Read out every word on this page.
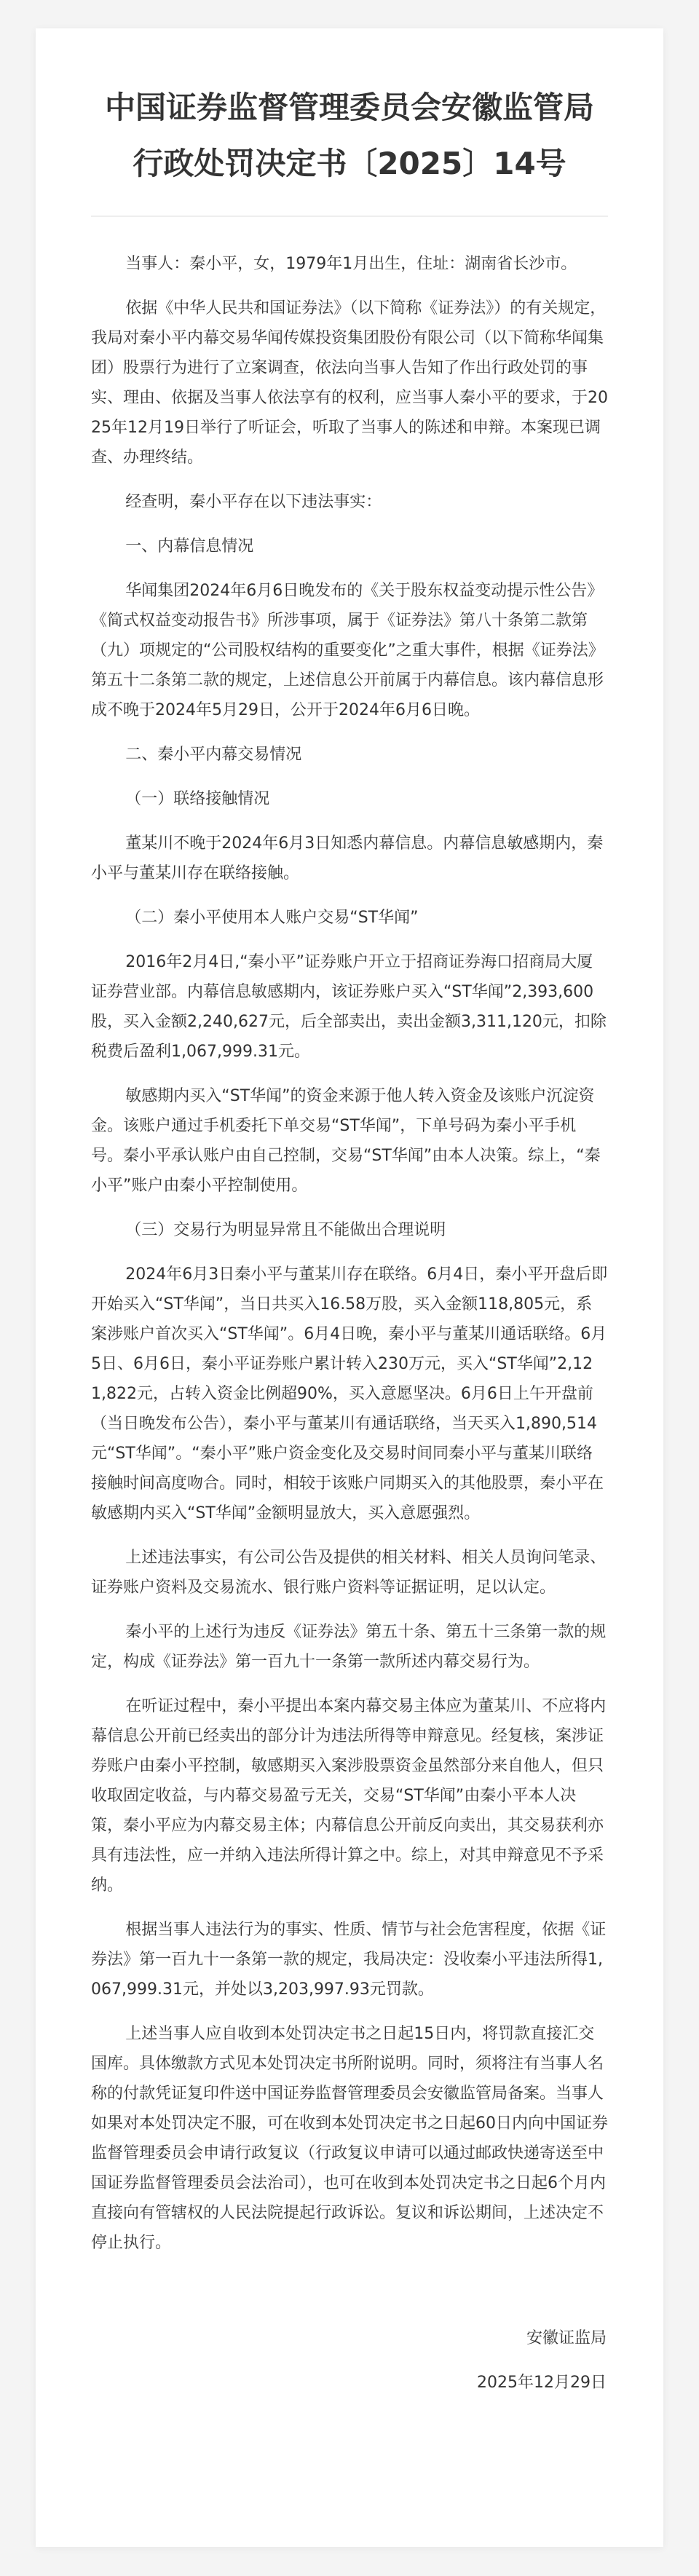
中国证券监督管理委员会安徽监管局
行政处罚决定书〔2025〕14号

当事人：秦小平，女，1979年1月出生，住址：湖南省长沙市。

依据《中华人民共和国证券法》（以下简称《证券法》）的有关规定，我局对秦小平内幕交易华闻传媒投资集团股份有限公司（以下简称华闻集团）股票行为进行了立案调查，依法向当事人告知了作出行政处罚的事实、理由、依据及当事人依法享有的权利，应当事人秦小平的要求，于2025年12月19日举行了听证会，听取了当事人的陈述和申辩。本案现已调查、办理终结。

经查明，秦小平存在以下违法事实：

一、内幕信息情况

华闻集团2024年6月6日晚发布的《关于股东权益变动提示性公告》《简式权益变动报告书》所涉事项，属于《证券法》第八十条第二款第（九）项规定的“公司股权结构的重要变化”之重大事件，根据《证券法》第五十二条第二款的规定，上述信息公开前属于内幕信息。该内幕信息形成不晚于2024年5月29日，公开于2024年6月6日晚。

二、秦小平内幕交易情况

（一）联络接触情况

董某川不晚于2024年6月3日知悉内幕信息。内幕信息敏感期内，秦小平与董某川存在联络接触。

（二）秦小平使用本人账户交易“ST华闻”

2016年2月4日,“秦小平”证券账户开立于招商证券海口招商局大厦证券营业部。内幕信息敏感期内，该证券账户买入“ST华闻”2,393,600股，买入金额2,240,627元，后全部卖出，卖出金额3,311,120元，扣除税费后盈利1,067,999.31元。

敏感期内买入“ST华闻”的资金来源于他人转入资金及该账户沉淀资金。该账户通过手机委托下单交易“ST华闻”，下单号码为秦小平手机号。秦小平承认账户由自己控制，交易“ST华闻”由本人决策。综上，“秦小平”账户由秦小平控制使用。

（三）交易行为明显异常且不能做出合理说明

2024年6月3日秦小平与董某川存在联络。6月4日，秦小平开盘后即开始买入“ST华闻”，当日共买入16.58万股，买入金额118,805元，系案涉账户首次买入“ST华闻”。6月4日晚，秦小平与董某川通话联络。6月5日、6月6日，秦小平证券账户累计转入230万元，买入“ST华闻”2,121,822元，占转入资金比例超90%，买入意愿坚决。6月6日上午开盘前（当日晚发布公告），秦小平与董某川有通话联络，当天买入1,890,514元“ST华闻”。“秦小平”账户资金变化及交易时间同秦小平与董某川联络接触时间高度吻合。同时，相较于该账户同期买入的其他股票，秦小平在敏感期内买入“ST华闻”金额明显放大，买入意愿强烈。

上述违法事实，有公司公告及提供的相关材料、相关人员询问笔录、证券账户资料及交易流水、银行账户资料等证据证明，足以认定。

秦小平的上述行为违反《证券法》第五十条、第五十三条第一款的规定，构成《证券法》第一百九十一条第一款所述内幕交易行为。

在听证过程中，秦小平提出本案内幕交易主体应为董某川、不应将内幕信息公开前已经卖出的部分计为违法所得等申辩意见。经复核，案涉证券账户由秦小平控制，敏感期买入案涉股票资金虽然部分来自他人，但只收取固定收益，与内幕交易盈亏无关，交易“ST华闻”由秦小平本人决策，秦小平应为内幕交易主体；内幕信息公开前反向卖出，其交易获利亦具有违法性，应一并纳入违法所得计算之中。综上，对其申辩意见不予采纳。

根据当事人违法行为的事实、性质、情节与社会危害程度，依据《证券法》第一百九十一条第一款的规定，我局决定：没收秦小平违法所得1,067,999.31元，并处以3,203,997.93元罚款。

上述当事人应自收到本处罚决定书之日起15日内，将罚款直接汇交国库。具体缴款方式见本处罚决定书所附说明。同时，须将注有当事人名称的付款凭证复印件送中国证券监督管理委员会安徽监管局备案。当事人如果对本处罚决定不服，可在收到本处罚决定书之日起60日内向中国证券监督管理委员会申请行政复议（行政复议申请可以通过邮政快递寄送至中国证券监督管理委员会法治司），也可在收到本处罚决定书之日起6个月内直接向有管辖权的人民法院提起行政诉讼。复议和诉讼期间，上述决定不停止执行。

安徽证监局
2025年12月29日
